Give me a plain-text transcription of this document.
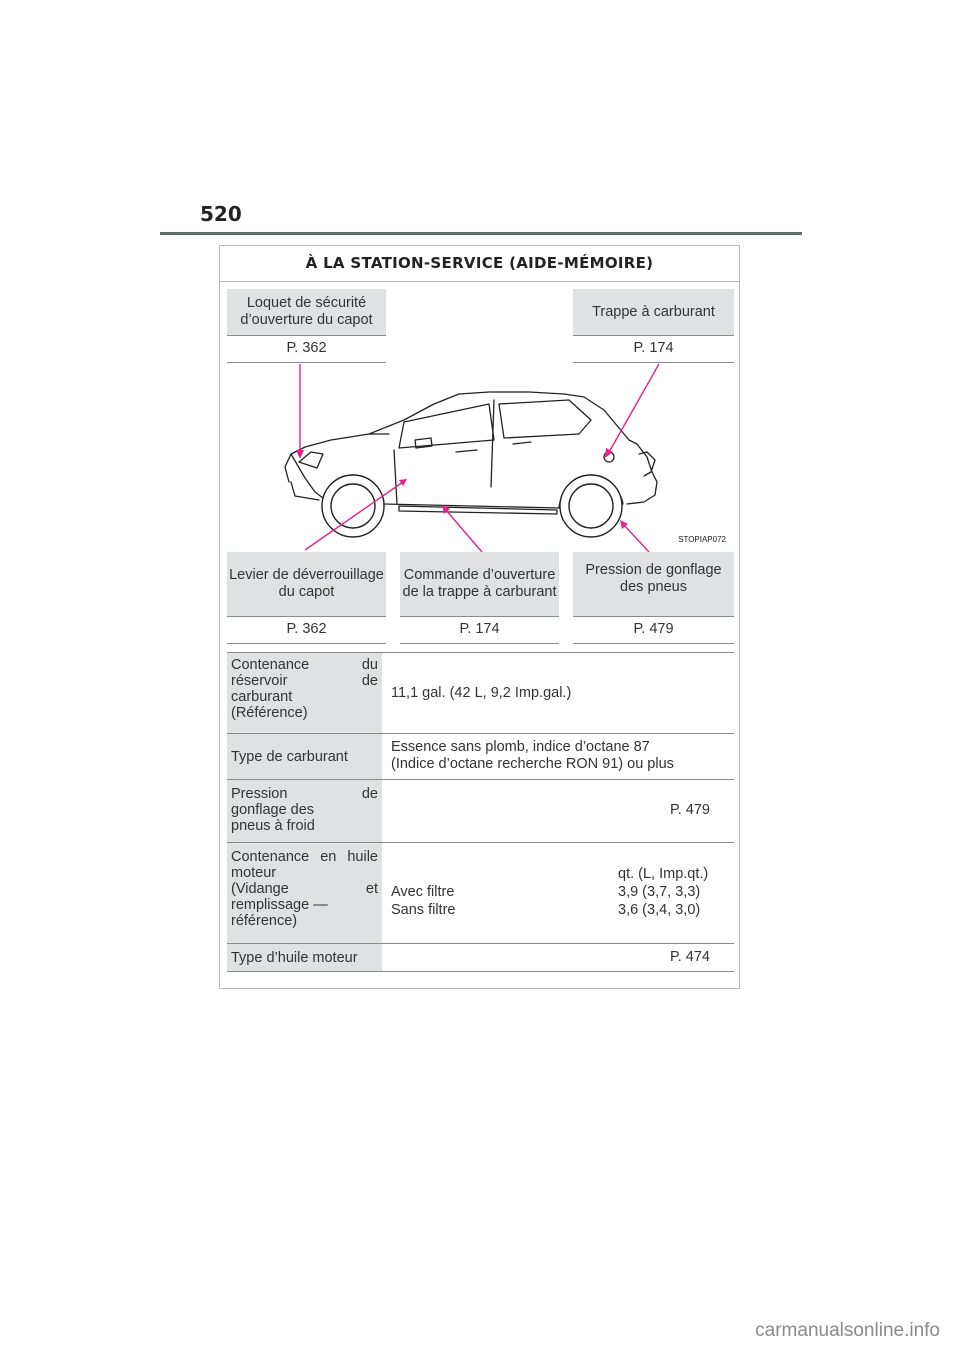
520
À LA STATION-SERVICE (AIDE-MÉMOIRE)
Loquet de sécurité d’ouverture du capot
P. 362
Trappe à carburant
P. 174
STOPIAP072
Levier de déverrouillage du capot
P. 362
Commande d’ouverture de la trappe à carburant
P. 174
Pression de gonflage des pneus
P. 479
Contenance du
réservoir de
carburant
(Référence)
11,1 gal. (42 L, 9,2 Imp.gal.)
Type de carburant
Essence sans plomb, indice d’octane 87
(Indice d’octane recherche RON 91) ou plus
Pression de
gonflage des
pneus à froid
P. 479
Contenance en huile
moteur
(Vidange et
remplissage —
référence)
qt. (L, Imp.qt.)
Avec filtre	3,9 (3,7, 3,3)
Sans filtre	3,6 (3,4, 3,0)
Type d’huile moteur	P. 474
carmanualsonline.info
